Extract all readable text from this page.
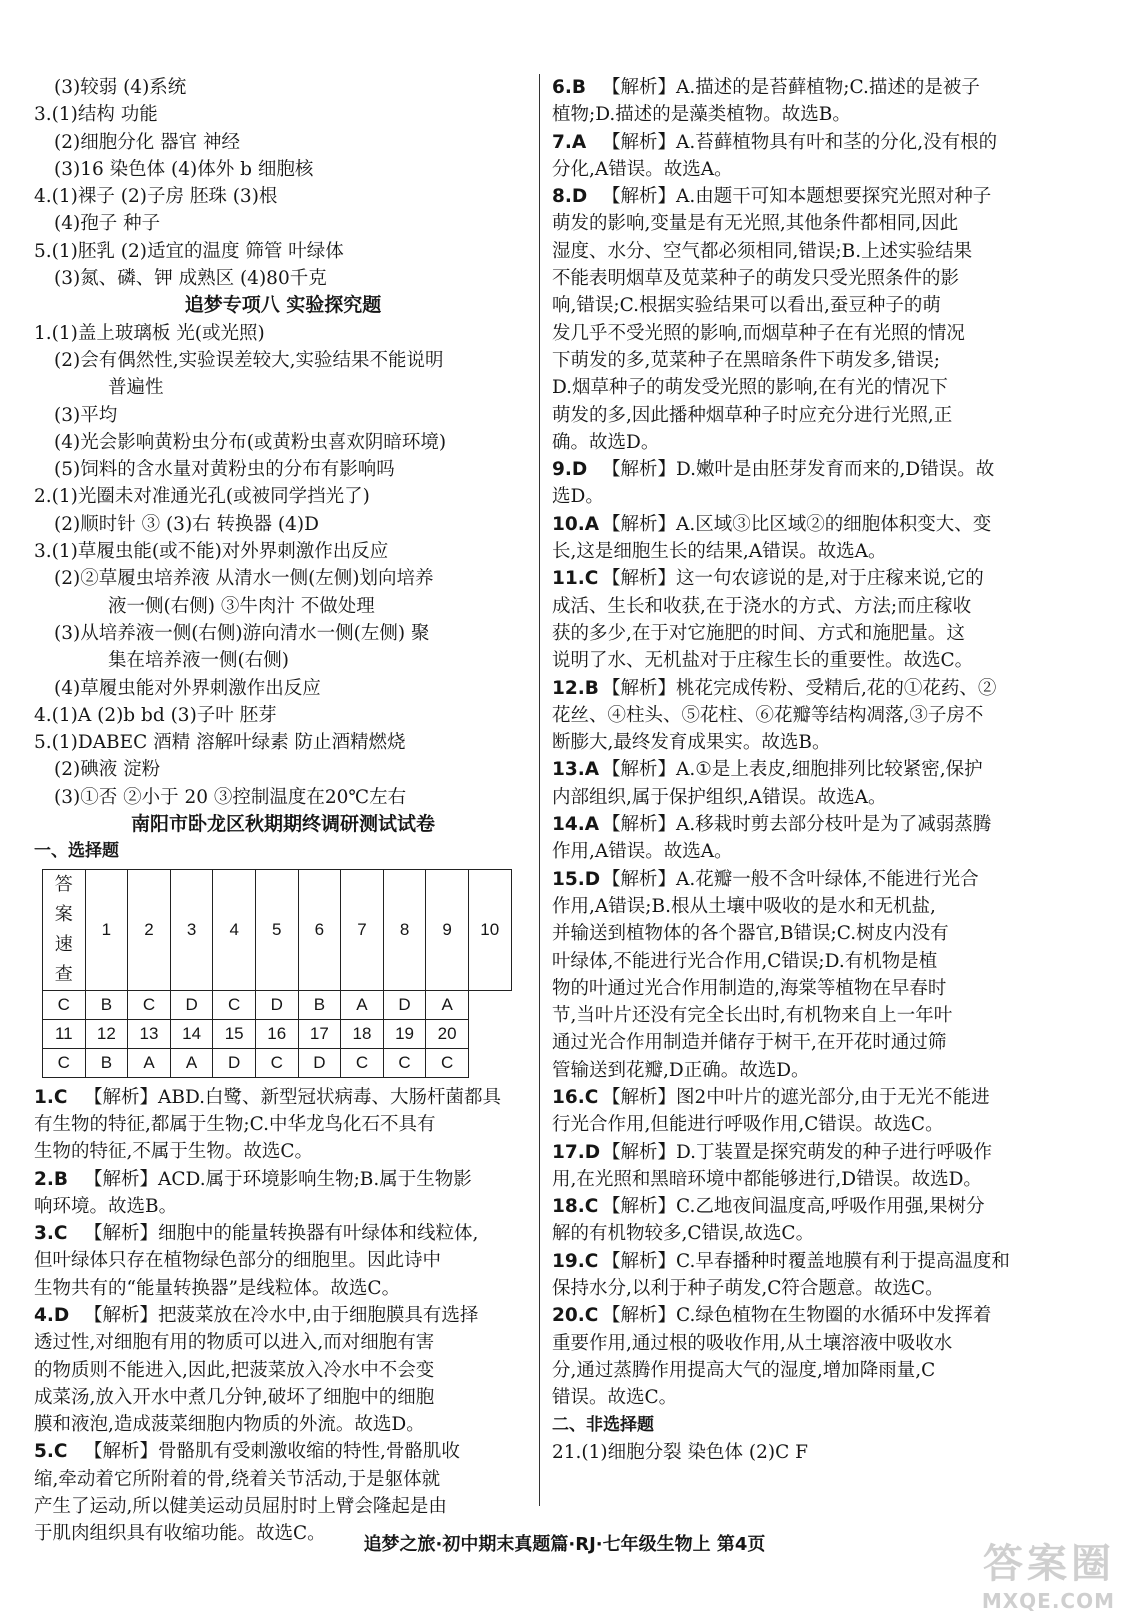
(3)较弱 (4)系统
3.(1)结构 功能
(2)细胞分化 器官 神经
(3)16 染色体 (4)体外 b 细胞核
4.(1)裸子 (2)子房 胚珠 (3)根
(4)孢子 种子
5.(1)胚乳 (2)适宜的温度 筛管 叶绿体
(3)氮、磷、钾 成熟区 (4)80千克
追梦专项八 实验探究题
1.(1)盖上玻璃板 光(或光照)
(2)会有偶然性,实验误差较大,实验结果不能说明
普遍性
(3)平均
(4)光会影响黄粉虫分布(或黄粉虫喜欢阴暗环境)
(5)饲料的含水量对黄粉虫的分布有影响吗
2.(1)光圈未对准通光孔(或被同学挡光了)
(2)顺时针 ③ (3)右 转换器 (4)D
3.(1)草履虫能(或不能)对外界刺激作出反应
(2)②草履虫培养液 从清水一侧(左侧)划向培养
液一侧(右侧) ③牛肉汁 不做处理
(3)从培养液一侧(右侧)游向清水一侧(左侧) 聚
集在培养液一侧(右侧)
(4)草履虫能对外界刺激作出反应
4.(1)A (2)b bd (3)子叶 胚芽
5.(1)DABEC 酒精 溶解叶绿素 防止酒精燃烧
(2)碘液 淀粉
(3)①否 ②小于 20 ③控制温度在20℃左右
南阳市卧龙区秋期期终调研测试试卷
一、选择题
答
案
速
查	1	2	3	4	5	6	7	8	9	10
C	B	C	D	C	D	B	A	D	A	
11	12	13	14	15	16	17	18	19	20	
C	B	A	A	D	C	D	C	C	C	
1.C 【解析】ABD.白鹭、新型冠状病毒、大肠杆菌都具
有生物的特征,都属于生物;C.中华龙鸟化石不具有
生物的特征,不属于生物。故选C。
2.B 【解析】ACD.属于环境影响生物;B.属于生物影
响环境。故选B。
3.C 【解析】细胞中的能量转换器有叶绿体和线粒体,
但叶绿体只存在植物绿色部分的细胞里。因此诗中
生物共有的“能量转换器”是线粒体。故选C。
4.D 【解析】把菠菜放在冷水中,由于细胞膜具有选择
透过性,对细胞有用的物质可以进入,而对细胞有害
的物质则不能进入,因此,把菠菜放入冷水中不会变
成菜汤,放入开水中煮几分钟,破坏了细胞中的细胞
膜和液泡,造成菠菜细胞内物质的外流。故选D。
5.C 【解析】骨骼肌有受刺激收缩的特性,骨骼肌收
缩,牵动着它所附着的骨,绕着关节活动,于是躯体就
产生了运动,所以健美运动员屈肘时上臂会隆起是由
于肌肉组织具有收缩功能。故选C。
6.B 【解析】A.描述的是苔藓植物;C.描述的是被子
植物;D.描述的是藻类植物。故选B。
7.A 【解析】A.苔藓植物具有叶和茎的分化,没有根的
分化,A错误。故选A。
8.D 【解析】A.由题干可知本题想要探究光照对种子
萌发的影响,变量是有无光照,其他条件都相同,因此
湿度、水分、空气都必须相同,错误;B.上述实验结果
不能表明烟草及苋菜种子的萌发只受光照条件的影
响,错误;C.根据实验结果可以看出,蚕豆种子的萌
发几乎不受光照的影响,而烟草种子在有光照的情况
下萌发的多,苋菜种子在黑暗条件下萌发多,错误;
D.烟草种子的萌发受光照的影响,在有光的情况下
萌发的多,因此播种烟草种子时应充分进行光照,正
确。故选D。
9.D 【解析】D.嫩叶是由胚芽发育而来的,D错误。故
选D。
10.A 【解析】A.区域③比区域②的细胞体积变大、变
长,这是细胞生长的结果,A错误。故选A。
11.C 【解析】这一句农谚说的是,对于庄稼来说,它的
成活、生长和收获,在于浇水的方式、方法;而庄稼收
获的多少,在于对它施肥的时间、方式和施肥量。这
说明了水、无机盐对于庄稼生长的重要性。故选C。
12.B 【解析】桃花完成传粉、受精后,花的①花药、②
花丝、④柱头、⑤花柱、⑥花瓣等结构凋落,③子房不
断膨大,最终发育成果实。故选B。
13.A 【解析】A.①是上表皮,细胞排列比较紧密,保护
内部组织,属于保护组织,A错误。故选A。
14.A 【解析】A.移栽时剪去部分枝叶是为了减弱蒸腾
作用,A错误。故选A。
15.D 【解析】A.花瓣一般不含叶绿体,不能进行光合
作用,A错误;B.根从土壤中吸收的是水和无机盐,
并输送到植物体的各个器官,B错误;C.树皮内没有
叶绿体,不能进行光合作用,C错误;D.有机物是植
物的叶通过光合作用制造的,海棠等植物在早春时
节,当叶片还没有完全长出时,有机物来自上一年叶
通过光合作用制造并储存于树干,在开花时通过筛
管输送到花瓣,D正确。故选D。
16.C 【解析】图2中叶片的遮光部分,由于无光不能进
行光合作用,但能进行呼吸作用,C错误。故选C。
17.D 【解析】D.丁装置是探究萌发的种子进行呼吸作
用,在光照和黑暗环境中都能够进行,D错误。故选D。
18.C 【解析】C.乙地夜间温度高,呼吸作用强,果树分
解的有机物较多,C错误,故选C。
19.C 【解析】C.早春播种时覆盖地膜有利于提高温度和
保持水分,以利于种子萌发,C符合题意。故选C。
20.C 【解析】C.绿色植物在生物圈的水循环中发挥着
重要作用,通过根的吸收作用,从土壤溶液中吸收水
分,通过蒸腾作用提高大气的湿度,增加降雨量,C
错误。故选C。
二、非选择题
21.(1)细胞分裂 染色体 (2)C F
追梦之旅·初中期末真题篇·RJ·七年级生物上 第4页	答案圈
MXQE.COM
